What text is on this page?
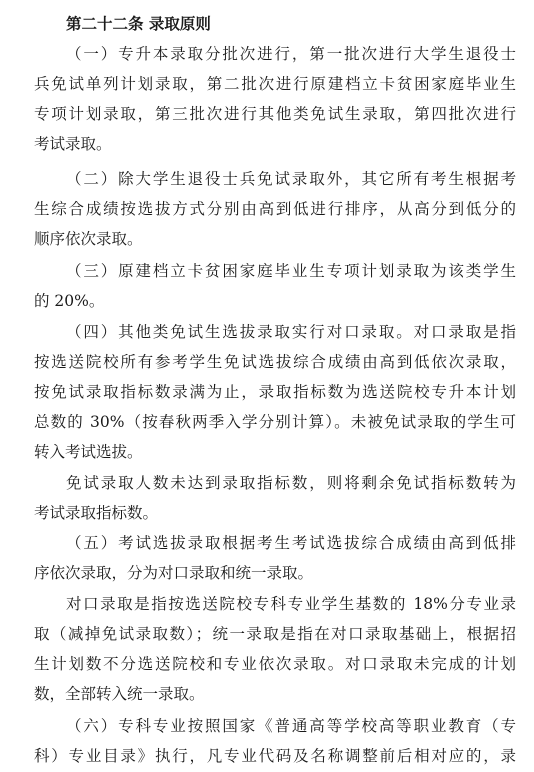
第二十二条 录取原则
（一）专升本录取分批次进行，第一批次进行大学生退役士
兵免试单列计划录取，第二批次进行原建档立卡贫困家庭毕业生
专项计划录取，第三批次进行其他类免试生录取，第四批次进行
考试录取。
（二）除大学生退役士兵免试录取外，其它所有考生根据考
生综合成绩按选拔方式分别由高到低进行排序，从高分到低分的
顺序依次录取。
（三）原建档立卡贫困家庭毕业生专项计划录取为该类学生
的 20%。
（四）其他类免试生选拔录取实行对口录取。对口录取是指
按选送院校所有参考学生免试选拔综合成绩由高到低依次录取，
按免试录取指标数录满为止，录取指标数为选送院校专升本计划
总数的 30%（按春秋两季入学分别计算）。未被免试录取的学生可
转入考试选拔。
免试录取人数未达到录取指标数，则将剩余免试指标数转为
考试录取指标数。
（五）考试选拔录取根据考生考试选拔综合成绩由高到低排
序依次录取，分为对口录取和统一录取。
对口录取是指按选送院校专科专业学生基数的 18%分专业录
取（减掉免试录取数）；统一录取是指在对口录取基础上，根据招
生计划数不分选送院校和专业依次录取。对口录取未完成的计划
数，全部转入统一录取。
（六）专科专业按照国家《普通高等学校高等职业教育（专
科）专业目录》执行，凡专业代码及名称调整前后相对应的，录
